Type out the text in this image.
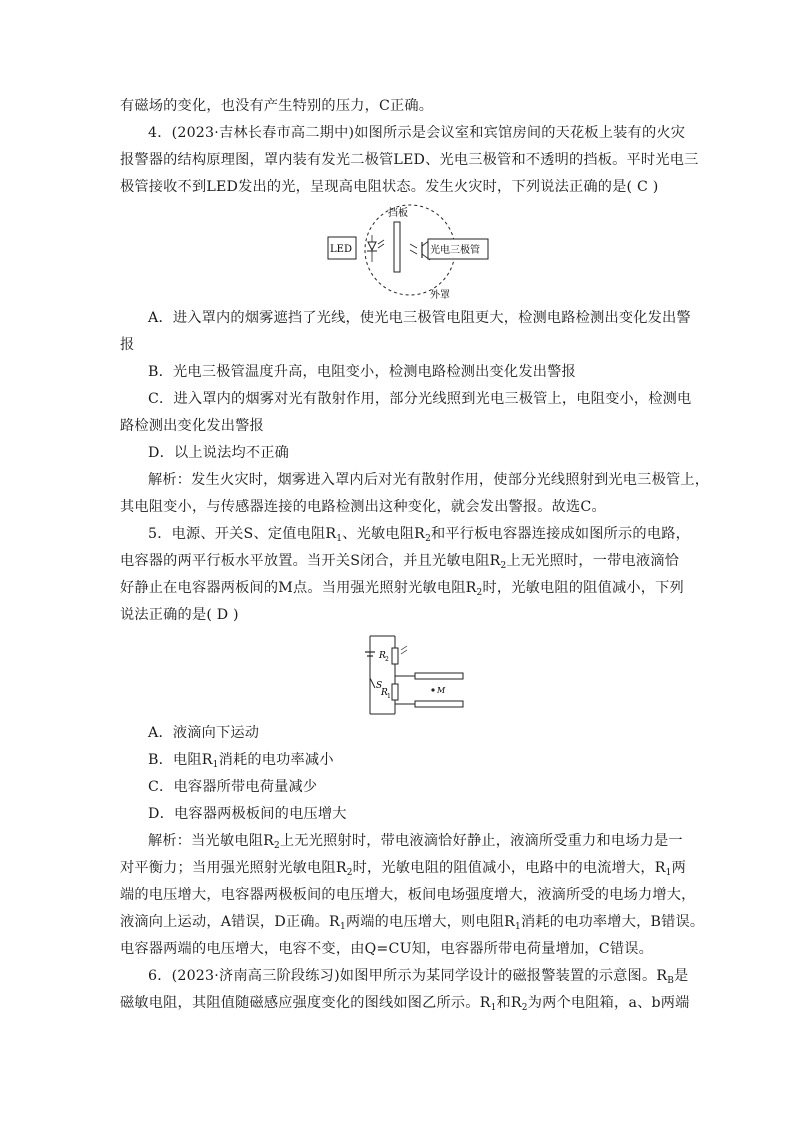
有磁场的变化，也没有产生特别的压力，C正确。
4．(2023·吉林长春市高二期中)如图所示是会议室和宾馆房间的天花板上装有的火灾
报警器的结构原理图，罩内装有发光二极管LED、光电三极管和不透明的挡板。平时光电三
极管接收不到LED发出的光，呈现高电阻状态。发生火灾时，下列说法正确的是( C )
LED
挡板
光电三极管
外罩
A．进入罩内的烟雾遮挡了光线，使光电三极管电阻更大，检测电路检测出变化发出警
报
B．光电三极管温度升高，电阻变小，检测电路检测出变化发出警报
C．进入罩内的烟雾对光有散射作用，部分光线照到光电三极管上，电阻变小，检测电
路检测出变化发出警报
D．以上说法均不正确
解析：发生火灾时，烟雾进入罩内后对光有散射作用，使部分光线照射到光电三极管上，
其电阻变小，与传感器连接的电路检测出这种变化，就会发出警报。故选C。
5．电源、开关S、定值电阻$R_1$、光敏电阻$R_2$和平行板电容器连接成如图所示的电路，
电容器的两平行板水平放置。当开关S闭合，并且光敏电阻$R_2$上无光照时，一带电液滴恰
好静止在电容器两板间的M点。当用强光照射光敏电阻$R_2$时，光敏电阻的阻值减小，下列
说法正确的是( D )
S
R 2
R 1
M
A．液滴向下运动
B．电阻$R_1$消耗的电功率减小
C．电容器所带电荷量减少
D．电容器两极板间的电压增大
解析：当光敏电阻$R_2$上无光照射时，带电液滴恰好静止，液滴所受重力和电场力是一
对平衡力；当用强光照射光敏电阻$R_2$时，光敏电阻的阻值减小，电路中的电流增大，$R_1$两
端的电压增大，电容器两极板间的电压增大，板间电场强度增大，液滴所受的电场力增大，
液滴向上运动，A错误，D正确。$R_1$两端的电压增大，则电阻$R_1$消耗的电功率增大，B错误。
电容器两端的电压增大，电容不变，由Q=CU知，电容器所带电荷量增加，C错误。
6．(2023·济南高三阶段练习)如图甲所示为某同学设计的磁报警装置的示意图。$R_B$是
磁敏电阻，其阻值随磁感应强度变化的图线如图乙所示。$R_1$和$R_2$为两个电阻箱，a、b两端
